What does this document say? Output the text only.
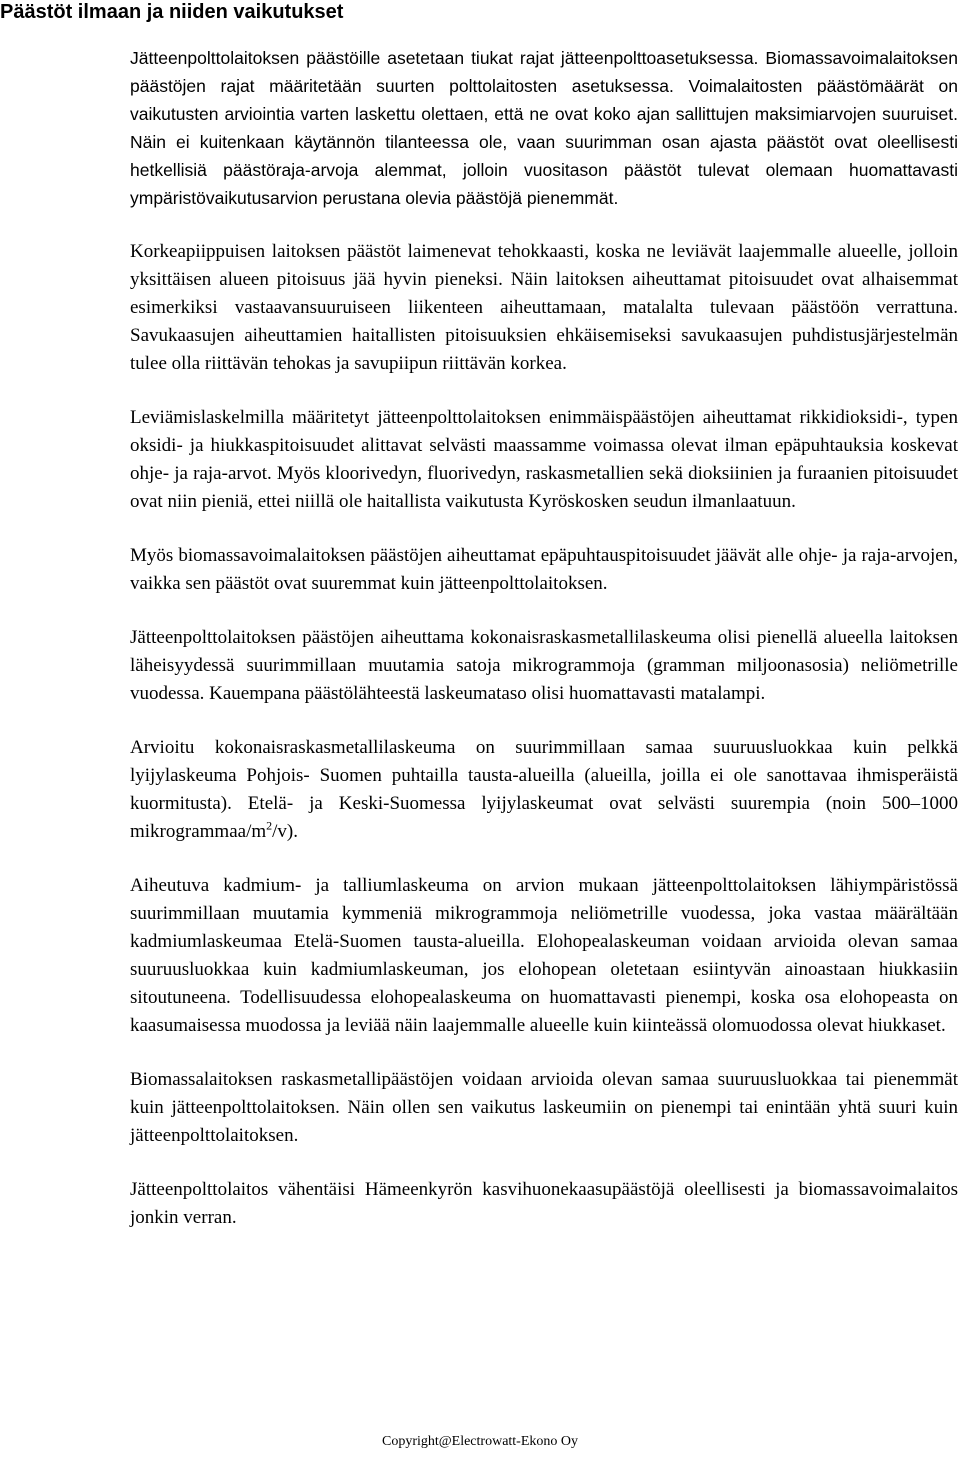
Päästöt ilmaan ja niiden vaikutukset

Jätteenpolttolaitoksen päästöille asetetaan tiukat rajat jätteenpolttoasetuksessa. Biomassavoimalaitoksen päästöjen rajat määritetään suurten polttolaitosten asetuksessa. Voimalaitosten päästömäärät on vaikutusten arviointia varten laskettu olettaen, että ne ovat koko ajan sallittujen maksimiarvojen suuruiset. Näin ei kuitenkaan käytännön tilanteessa ole, vaan suurimman osan ajasta päästöt ovat oleellisesti hetkellisiä päästöraja-arvoja alemmat, jolloin vuositason päästöt tulevat olemaan huomattavasti ympäristövaikutusarvion perustana olevia päästöjä pienemmät.

Korkeapiippuisen laitoksen päästöt laimenevat tehokkaasti, koska ne leviävät laajemmalle alueelle, jolloin yksittäisen alueen pitoisuus jää hyvin pieneksi. Näin laitoksen aiheuttamat pitoisuudet ovat alhaisemmat esimerkiksi vastaavansuuruiseen liikenteen aiheuttamaan, matalalta tulevaan päästöön verrattuna. Savukaasujen aiheuttamien haitallisten pitoisuuksien ehkäisemiseksi savukaasujen puhdistusjärjestelmän tulee olla riittävän tehokas ja savupiipun riittävän korkea.

Leviämislaskelmilla määritetyt jätteenpolttolaitoksen enimmäispäästöjen aiheuttamat rikkidioksidi-, typen oksidi- ja hiukkaspitoisuudet alittavat selvästi maassamme voimassa olevat ilman epäpuhtauksia koskevat ohje- ja raja-arvot. Myös kloorivedyn, fluorivedyn, raskasmetallien sekä dioksiinien ja furaanien pitoisuudet ovat niin pieniä, ettei niillä ole haitallista vaikutusta Kyröskosken seudun ilmanlaatuun.

Myös biomassavoimalaitoksen päästöjen aiheuttamat epäpuhtauspitoisuudet jäävät alle ohje- ja raja-arvojen, vaikka sen päästöt ovat suuremmat kuin jätteenpolttolaitoksen.

Jätteenpolttolaitoksen päästöjen aiheuttama kokonaisraskasmetallilaskeuma olisi pienellä alueella laitoksen läheisyydessä suurimmillaan muutamia satoja mikrogrammoja (gramman miljoonasosia) neliömetrille vuodessa. Kauempana päästölähteestä laskeumataso olisi huomattavasti matalampi.

Arvioitu kokonaisraskasmetallilaskeuma on suurimmillaan samaa suuruusluokkaa kuin pelkkä lyijylaskeuma Pohjois- Suomen puhtailla tausta-alueilla (alueilla, joilla ei ole sanottavaa ihmisperäistä kuormitusta). Etelä- ja Keski-Suomessa lyijylaskeumat ovat selvästi suurempia (noin 500–1000 mikrogrammaa/$m^2/v$).

Aiheutuva kadmium- ja talliumlaskeuma on arvion mukaan jätteenpolttolaitoksen lähiympäristössä suurimmillaan muutamia kymmeniä mikrogrammoja neliömetrille vuodessa, joka vastaa määrältään kadmiumlaskeumaa Etelä-Suomen tausta-alueilla. Elohopealaskeuman voidaan arvioida olevan samaa suuruusluokkaa kuin kadmiumlaskeuman, jos elohopean oletetaan esiintyvän ainoastaan hiukkasiin sitoutuneena. Todellisuudessa elohopealaskeuma on huomattavasti pienempi, koska osa elohopeasta on kaasumaisessa muodossa ja leviää näin laajemmalle alueelle kuin kiinteässä olomuodossa olevat hiukkaset.

Biomassalaitoksen raskasmetallipäästöjen voidaan arvioida olevan samaa suuruusluokkaa tai pienemmät kuin jätteenpolttolaitoksen. Näin ollen sen vaikutus laskeumiin on pienempi tai enintään yhtä suuri kuin jätteenpolttolaitoksen.

Jätteenpolttolaitos vähentäisi Hämeenkyrön kasvihuonekaasupäästöjä oleellisesti ja biomassavoimalaitos jonkin verran.

Copyright@Electrowatt-Ekono Oy
